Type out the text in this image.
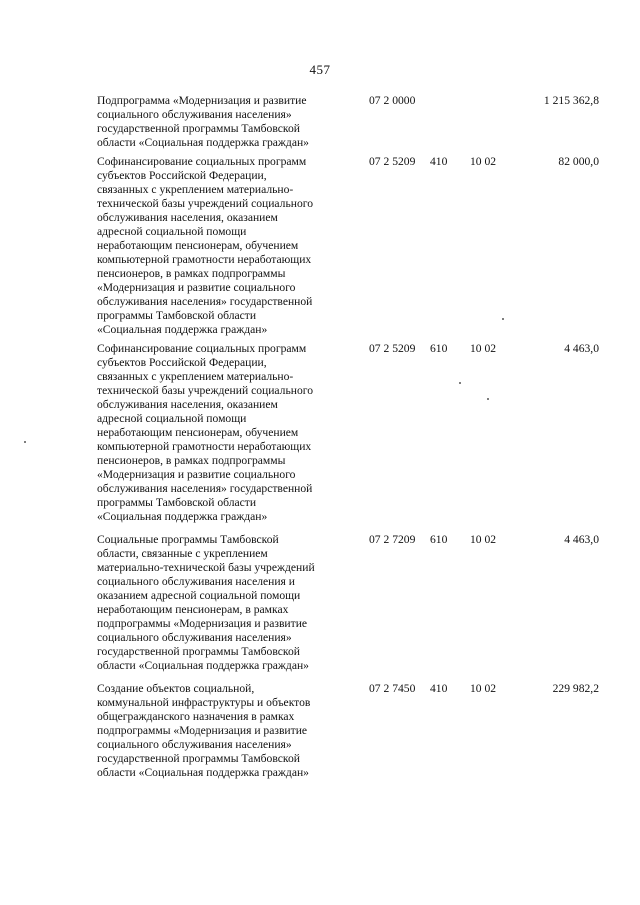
457
Подпрограмма «Модернизация и развитие
социального обслуживания населения»
государственной программы Тамбовской
области «Социальная поддержка граждан»
07 2 0000	1 215 362,8
Софинансирование социальных программ
субъектов Российской Федерации,
связанных с укреплением материально-
технической базы учреждений социального
обслуживания населения, оказанием
адресной социальной помощи
неработающим пенсионерам, обучением
компьютерной грамотности неработающих
пенсионеров, в рамках подпрограммы
«Модернизация и развитие социального
обслуживания населения» государственной
программы Тамбовской области
«Социальная поддержка граждан»
07 2 5209 410 10 02	82 000,0
Софинансирование социальных программ
субъектов Российской Федерации,
связанных с укреплением материально-
технической базы учреждений социального
обслуживания населения, оказанием
адресной социальной помощи
неработающим пенсионерам, обучением
компьютерной грамотности неработающих
пенсионеров, в рамках подпрограммы
«Модернизация и развитие социального
обслуживания населения» государственной
программы Тамбовской области
«Социальная поддержка граждан»
07 2 5209 610 10 02	4 463,0
Социальные программы Тамбовской
области, связанные с укреплением
материально-технической базы учреждений
социального обслуживания населения и
оказанием адресной социальной помощи
неработающим пенсионерам, в рамках
подпрограммы «Модернизация и развитие
социального обслуживания населения»
государственной программы Тамбовской
области «Социальная поддержка граждан»
07 2 7209 610 10 02	4 463,0
Создание объектов социальной,
коммунальной инфраструктуры и объектов
общегражданского назначения в рамках
подпрограммы «Модернизация и развитие
социального обслуживания населения»
государственной программы Тамбовской
области «Социальная поддержка граждан»
07 2 7450 410 10 02	229 982,2
